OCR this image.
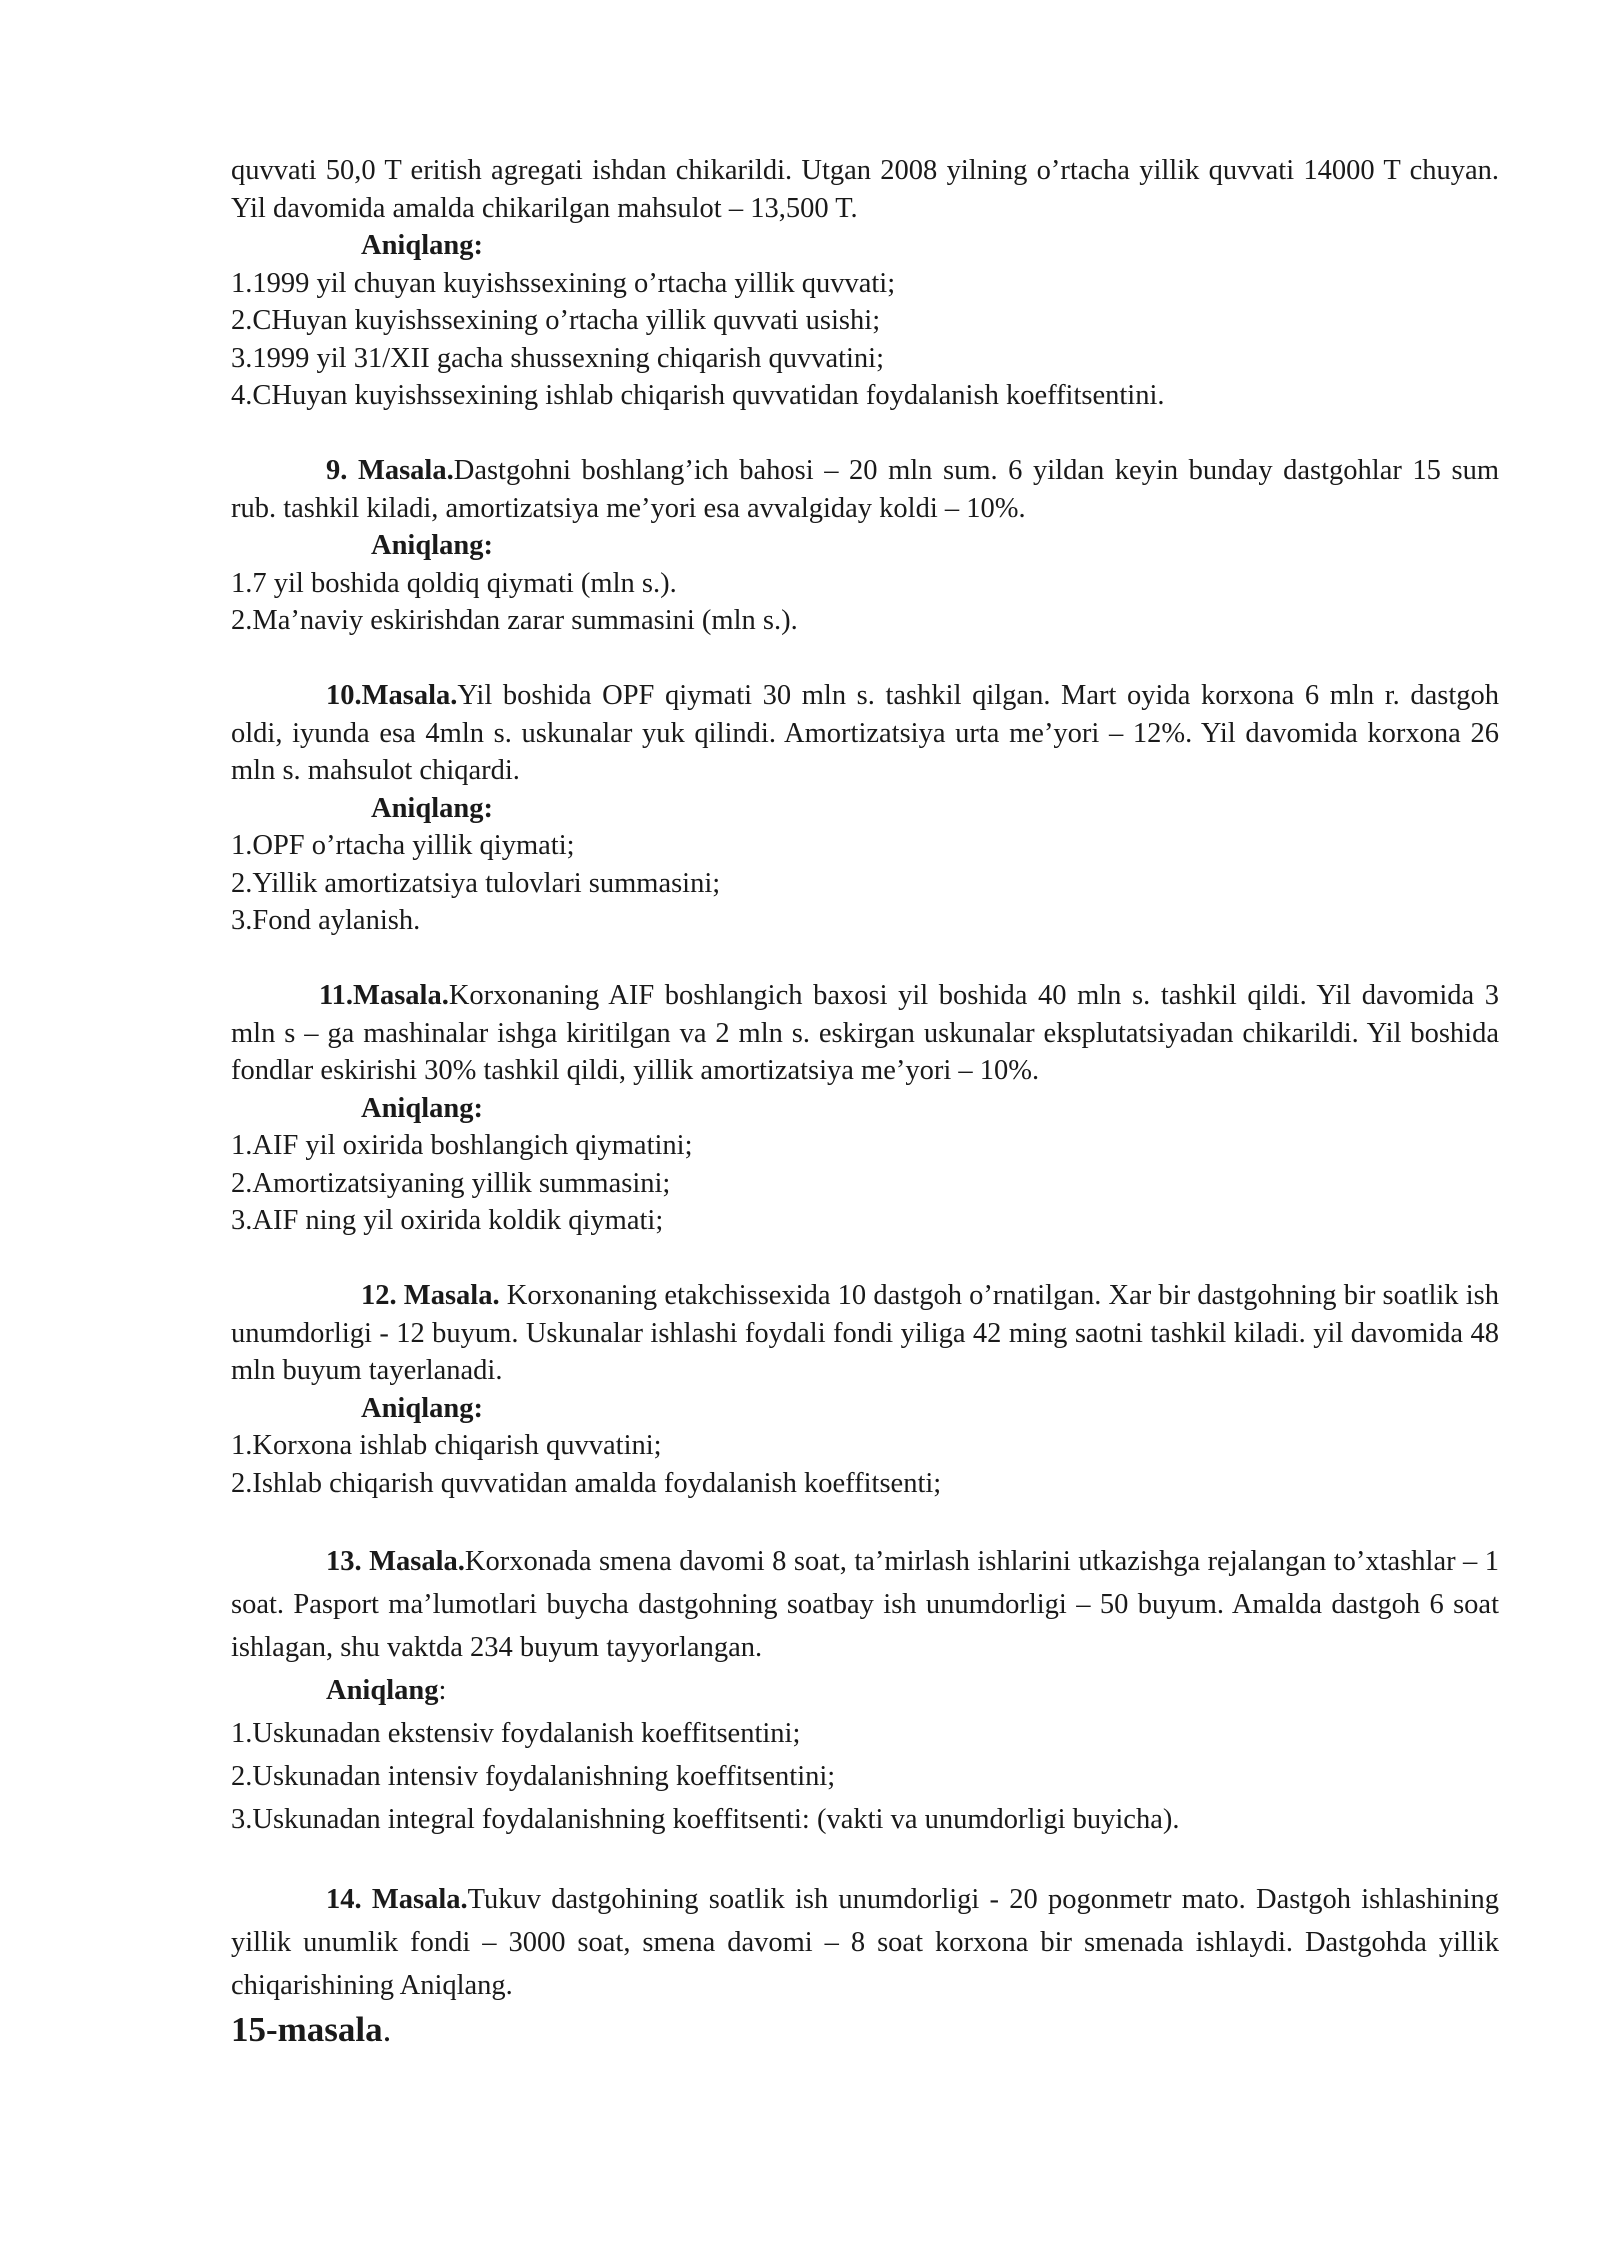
quvvati 50,0 T eritish agregati ishdan chikarildi. Utgan 2008 yilning o’rtacha yillik quvvati 14000 T chuyan. Yil davomida amalda chikarilgan mahsulot – 13,500 T.
Aniqlang:
1.1999 yil chuyan kuyishssexining o’rtacha yillik quvvati;
2.CHuyan kuyishssexining o’rtacha yillik quvvati usishi;
3.1999 yil 31/XII gacha shussexning chiqarish quvvatini;
4.CHuyan kuyishssexining ishlab chiqarish quvvatidan foydalanish koeffitsentini.
9. Masala.Dastgohni boshlang’ich bahosi – 20 mln sum. 6 yildan keyin bunday dastgohlar 15 sum rub. tashkil kiladi, amortizatsiya me’yori esa avvalgiday koldi – 10%.
Aniqlang:
1.7 yil boshida qoldiq qiymati (mln s.).
2.Ma’naviy eskirishdan zarar summasini (mln s.).
10.Masala.Yil boshida OPF qiymati 30 mln s. tashkil qilgan. Mart oyida korxona 6 mln r. dastgoh oldi, iyunda esa 4mln s. uskunalar yuk qilindi. Amortizatsiya urta me’yori – 12%. Yil davomida korxona 26 mln s. mahsulot chiqardi.
Aniqlang:
1.OPF o’rtacha yillik qiymati;
2.Yillik amortizatsiya tulovlari summasini;
3.Fond aylanish.
11.Masala.Korxonaning AIF boshlangich baxosi yil boshida 40 mln s. tashkil qildi. Yil davomida 3 mln s – ga mashinalar ishga kiritilgan va 2 mln s. eskirgan uskunalar eksplutatsiyadan chikarildi. Yil boshida fondlar eskirishi 30% tashkil qildi, yillik amortizatsiya me’yori – 10%.
Aniqlang:
1.AIF yil oxirida boshlangich qiymatini;
2.Amortizatsiyaning yillik summasini;
3.AIF ning yil oxirida koldik qiymati;
12. Masala. Korxonaning etakchissexida 10 dastgoh o’rnatilgan. Xar bir dastgohning bir soatlik ish unumdorligi - 12 buyum. Uskunalar ishlashi foydali fondi yiliga 42 ming saotni tashkil kiladi. yil davomida 48 mln buyum tayerlanadi.
Aniqlang:
1.Korxona ishlab chiqarish quvvatini;
2.Ishlab chiqarish quvvatidan amalda foydalanish koeffitsenti;
13. Masala.Korxonada smena davomi 8 soat, ta’mirlash ishlarini utkazishga rejalangan to’xtashlar – 1 soat. Pasport ma’lumotlari buycha dastgohning soatbay ish unumdorligi – 50 buyum. Amalda dastgoh 6 soat ishlagan, shu vaktda 234 buyum tayyorlangan.
Aniqlang:
1.Uskunadan ekstensiv foydalanish koeffitsentini;
2.Uskunadan intensiv foydalanishning koeffitsentini;
3.Uskunadan integral foydalanishning koeffitsenti: (vakti va unumdorligi buyicha).
14. Masala.Tukuv dastgohining soatlik ish unumdorligi - 20 pogonmetr mato. Dastgoh ishlashining yillik unumlik fondi – 3000 soat, smena davomi – 8 soat korxona bir smenada ishlaydi. Dastgohda yillik chiqarishining Aniqlang.
15-masala.
